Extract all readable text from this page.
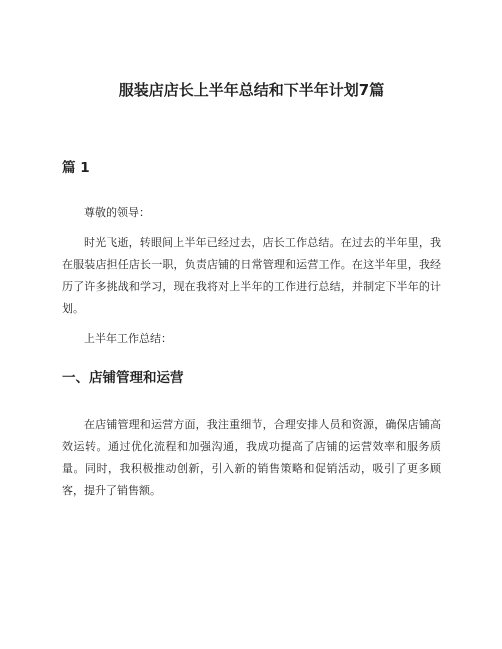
服装店店长上半年总结和下半年计划7篇
篇 1

尊敬的领导：

时光飞逝，转眼间上半年已经过去，店长工作总结。在过去的半年里，我在服装店担任店长一职，负责店铺的日常管理和运营工作。在这半年里，我经历了许多挑战和学习，现在我将对上半年的工作进行总结，并制定下半年的计划。

上半年工作总结：

一、店铺管理和运营

在店铺管理和运营方面，我注重细节，合理安排人员和资源，确保店铺高效运转。通过优化流程和加强沟通，我成功提高了店铺的运营效率和服务质量。同时，我积极推动创新，引入新的销售策略和促销活动，吸引了更多顾客，提升了销售额。
